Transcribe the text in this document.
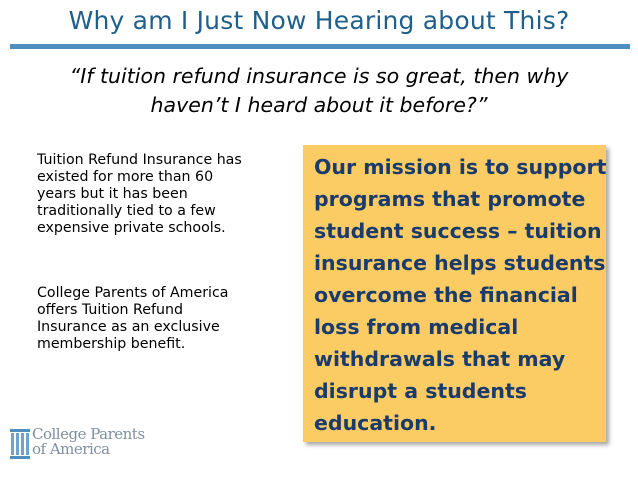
Why am I Just Now Hearing about This?
“If tuition refund insurance is so great, then why
haven’t I heard about it before?”
Tuition Refund Insurance has
existed for more than 60
years but it has been
traditionally tied to a few
expensive private schools.
College Parents of America
offers Tuition Refund
Insurance as an exclusive
membership benefit.
Our mission is to support
programs that promote
student success – tuition
insurance helps students
overcome the financial
loss from medical
withdrawals that may
disrupt a students
education.
College Parents
of America
